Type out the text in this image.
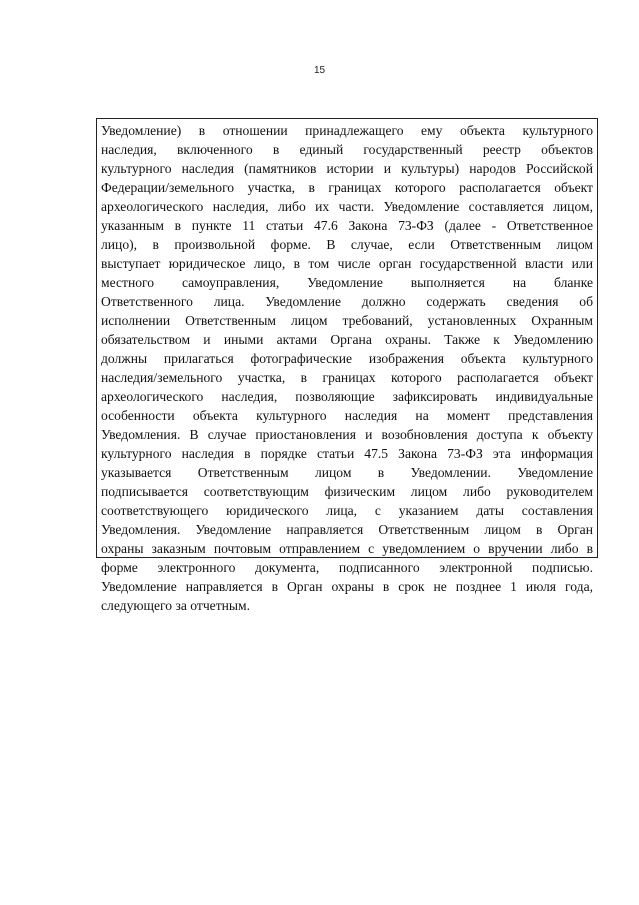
15
Уведомление) в отношении принадлежащего ему объекта культурного
наследия, включенного в единый государственный реестр объектов
культурного наследия (памятников истории и культуры) народов Российской
Федерации/земельного участка, в границах которого располагается объект
археологического наследия, либо их части. Уведомление составляется лицом,
указанным в пункте 11 статьи 47.6 Закона 73-ФЗ (далее - Ответственное
лицо), в произвольной форме. В случае, если Ответственным лицом
выступает юридическое лицо, в том числе орган государственной власти или
местного самоуправления, Уведомление выполняется на бланке
Ответственного лица. Уведомление должно содержать сведения об
исполнении Ответственным лицом требований, установленных Охранным
обязательством и иными актами Органа охраны. Также к Уведомлению
должны прилагаться фотографические изображения объекта культурного
наследия/земельного участка, в границах которого располагается объект
археологического наследия, позволяющие зафиксировать индивидуальные
особенности объекта культурного наследия на момент представления
Уведомления. В случае приостановления и возобновления доступа к объекту
культурного наследия в порядке статьи 47.5 Закона 73-ФЗ эта информация
указывается Ответственным лицом в Уведомлении. Уведомление
подписывается соответствующим физическим лицом либо руководителем
соответствующего юридического лица, с указанием даты составления
Уведомления. Уведомление направляется Ответственным лицом в Орган
охраны заказным почтовым отправлением с уведомлением о вручении либо в
форме электронного документа, подписанного электронной подписью.
Уведомление направляется в Орган охраны в срок не позднее 1 июля года,
следующего за отчетным.
